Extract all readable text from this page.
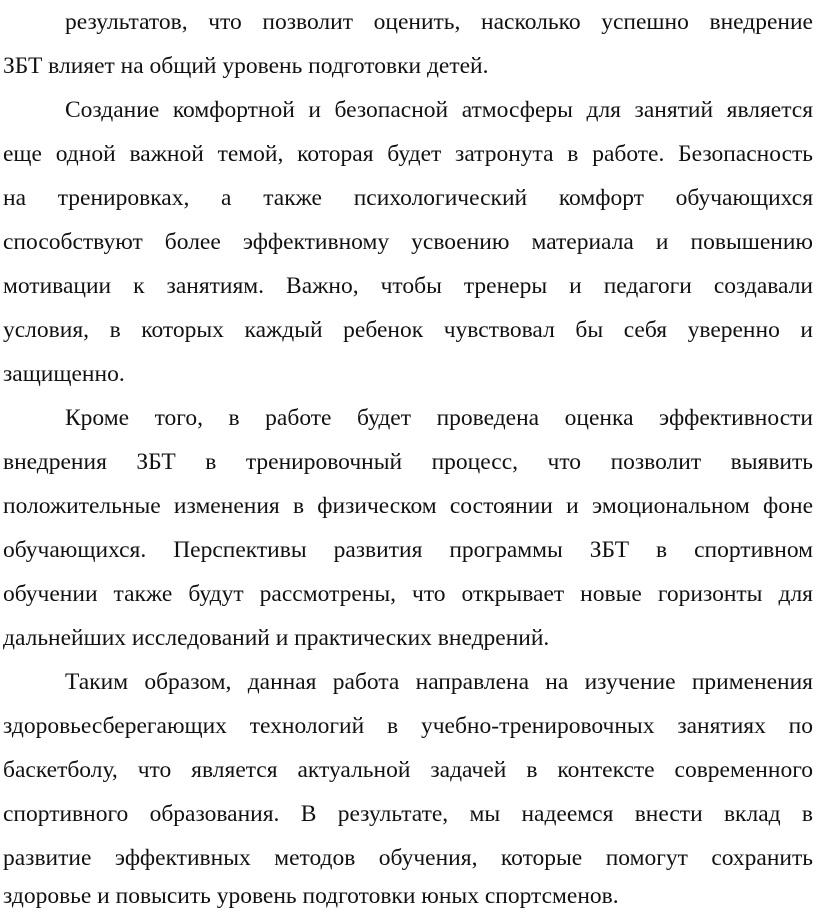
результатов, что позволит оценить, насколько успешно внедрение
ЗБТ влияет на общий уровень подготовки детей.
Создание комфортной и безопасной атмосферы для занятий является
еще одной важной темой, которая будет затронута в работе. Безопасность
на тренировках, а также психологический комфорт обучающихся
способствуют более эффективному усвоению материала и повышению
мотивации к занятиям. Важно, чтобы тренеры и педагоги создавали
условия, в которых каждый ребенок чувствовал бы себя уверенно и
защищенно.
Кроме того, в работе будет проведена оценка эффективности
внедрения ЗБТ в тренировочный процесс, что позволит выявить
положительные изменения в физическом состоянии и эмоциональном фоне
обучающихся. Перспективы развития программы ЗБТ в спортивном
обучении также будут рассмотрены, что открывает новые горизонты для
дальнейших исследований и практических внедрений.
Таким образом, данная работа направлена на изучение применения
здоровьесберегающих технологий в учебно-тренировочных занятиях по
баскетболу, что является актуальной задачей в контексте современного
спортивного образования. В результате, мы надеемся внести вклад в
развитие эффективных методов обучения, которые помогут сохранить
здоровье и повысить уровень подготовки юных спортсменов.
